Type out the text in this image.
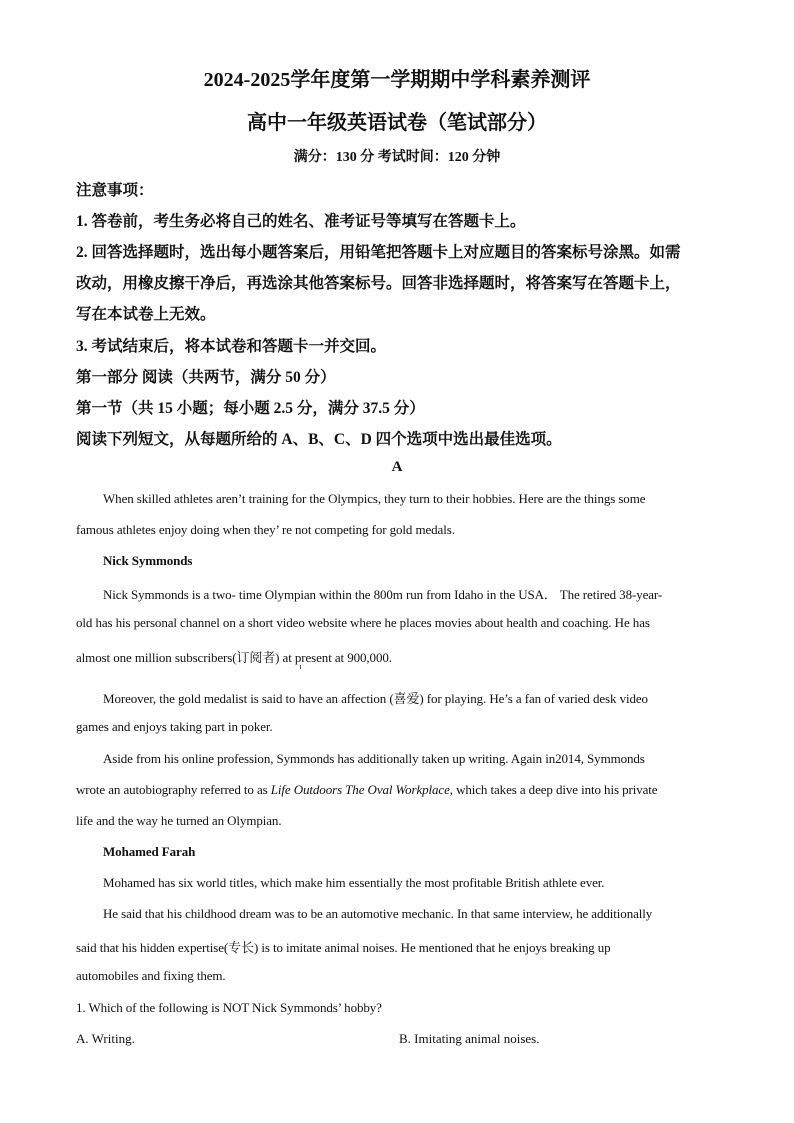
2024-2025学年度第一学期期中学科素养测评
高中一年级英语试卷（笔试部分）
满分：130 分 考试时间：120 分钟
注意事项：
1. 答卷前，考生务必将自己的姓名、准考证号等填写在答题卡上。
2. 回答选择题时，选出每小题答案后，用铅笔把答题卡上对应题目的答案标号涂黑。如需
改动，用橡皮擦干净后，再选涂其他答案标号。回答非选择题时，将答案写在答题卡上，
写在本试卷上无效。
3. 考试结束后，将本试卷和答题卡一并交回。
第一部分 阅读（共两节，满分 50 分）
第一节（共 15 小题；每小题 2.5 分，满分 37.5 分）
阅读下列短文，从每题所给的 A、B、C、D 四个选项中选出最佳选项。
A
When skilled athletes aren’t training for the Olympics, they turn to their hobbies. Here are the things some
famous athletes enjoy doing when they’ re not competing for gold medals.
Nick Symmonds
Nick Symmonds is a two- time Olympian within the 800m run from Idaho in the USA． The retired 38-year-
old has his personal channel on a short video website where he places movies about health and coaching. He has
almost one million subscribers(订阅者) at present at 900,000.
Moreover, the gold medalist is said to have an affection (喜爱) for playing. He’s a fan of varied desk video
games and enjoys taking part in poker.
Aside from his online profession, Symmonds has additionally taken up writing. Again in2014, Symmonds
wrote an autobiography referred to as Life Outdoors The Oval Workplace, which takes a deep dive into his private
life and the way he turned an Olympian.
Mohamed Farah
Mohamed has six world titles, which make him essentially the most profitable British athlete ever.
He said that his childhood dream was to be an automotive mechanic. In that same interview, he additionally
said that his hidden expertise(专长) is to imitate animal noises. He mentioned that he enjoys breaking up
automobiles and fixing them.
1. Which of the following is NOT Nick Symmonds’ hobby?
A. Writing.	B. Imitating animal noises.
